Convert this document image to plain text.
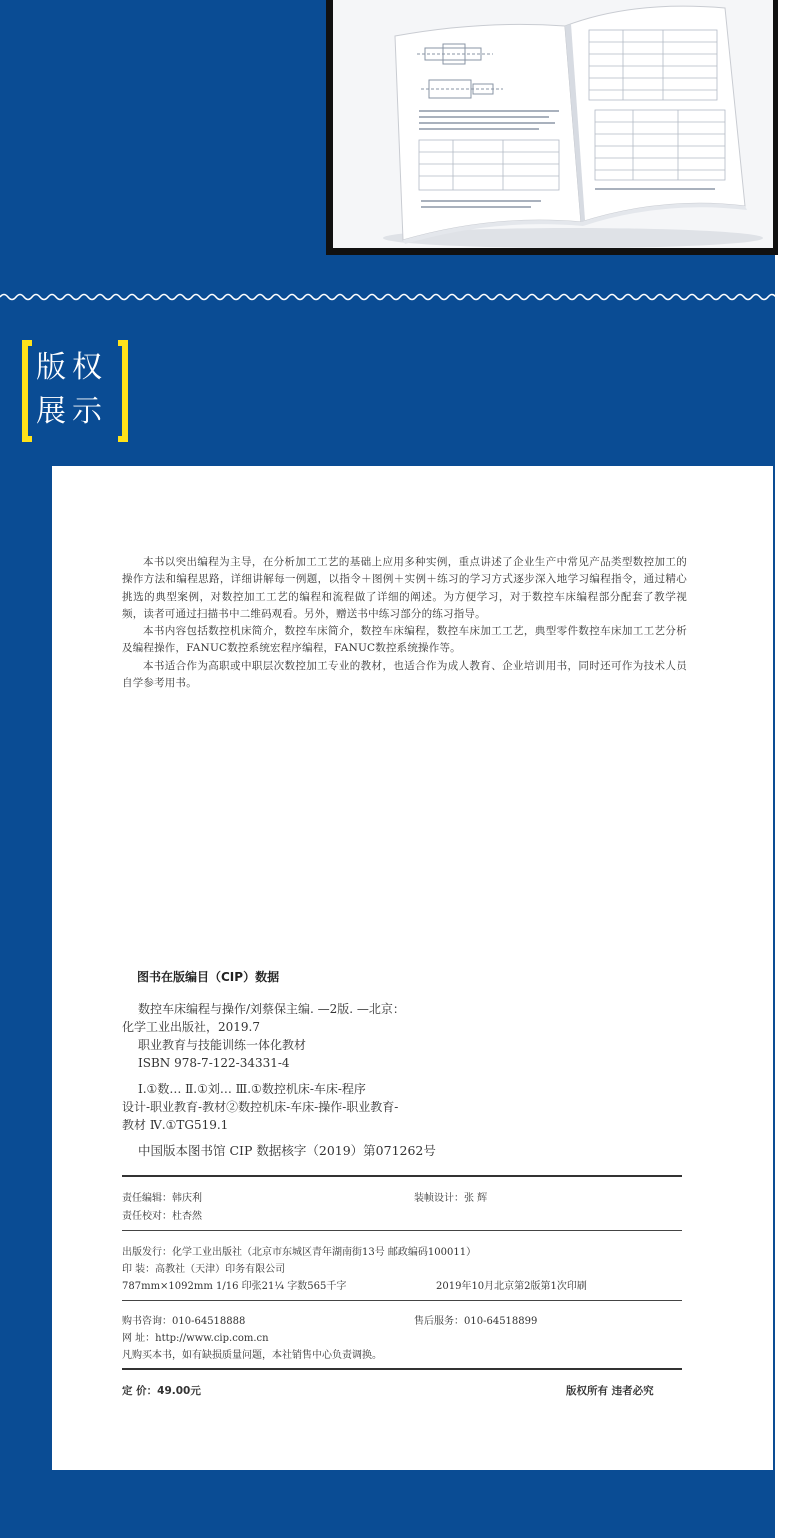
版权
展示

本书以突出编程为主导，在分析加工工艺的基础上应用多种实例，重点讲述了企业生产中常见产品类型数控加工的操作方法和编程思路，详细讲解每一例题，以指令＋图例＋实例＋练习的学习方式逐步深入地学习编程指令，通过精心挑选的典型案例，对数控加工工艺的编程和流程做了详细的阐述。为方便学习，对于数控车床编程部分配套了教学视频，读者可通过扫描书中二维码观看。另外，赠送书中练习部分的练习指导。

本书内容包括数控机床简介，数控车床简介，数控车床编程，数控车床加工工艺，典型零件数控车床加工工艺分析及编程操作，FANUC数控系统宏程序编程，FANUC数控系统操作等。

本书适合作为高职或中职层次数控加工专业的教材，也适合作为成人教育、企业培训用书，同时还可作为技术人员自学参考用书。

图书在版编目（CIP）数据

数控车床编程与操作/刘蔡保主编. —2版. —北京：

化学工业出版社，2019.7

职业教育与技能训练一体化教材

ISBN 978-7-122-34331-4

Ⅰ.①数… Ⅱ.①刘… Ⅲ.①数控机床-车床-程序

设计-职业教育-教材②数控机床-车床-操作-职业教育-

教材 Ⅳ.①TG519.1

中国版本图书馆 CIP 数据核字（2019）第071262号

责任编辑：韩庆利	装帧设计：张 辉
责任校对：杜杏然
出版发行：化学工业出版社（北京市东城区青年湖南街13号 邮政编码100011）
印 装：高教社（天津）印务有限公司
787mm×1092mm 1/16 印张21¼ 字数565千字	2019年10月北京第2版第1次印刷
购书咨询：010-64518888	售后服务：010-64518899
网 址：http://www.cip.com.cn
凡购买本书，如有缺损质量问题，本社销售中心负责调换。
定 价：49.00元	版权所有 违者必究
